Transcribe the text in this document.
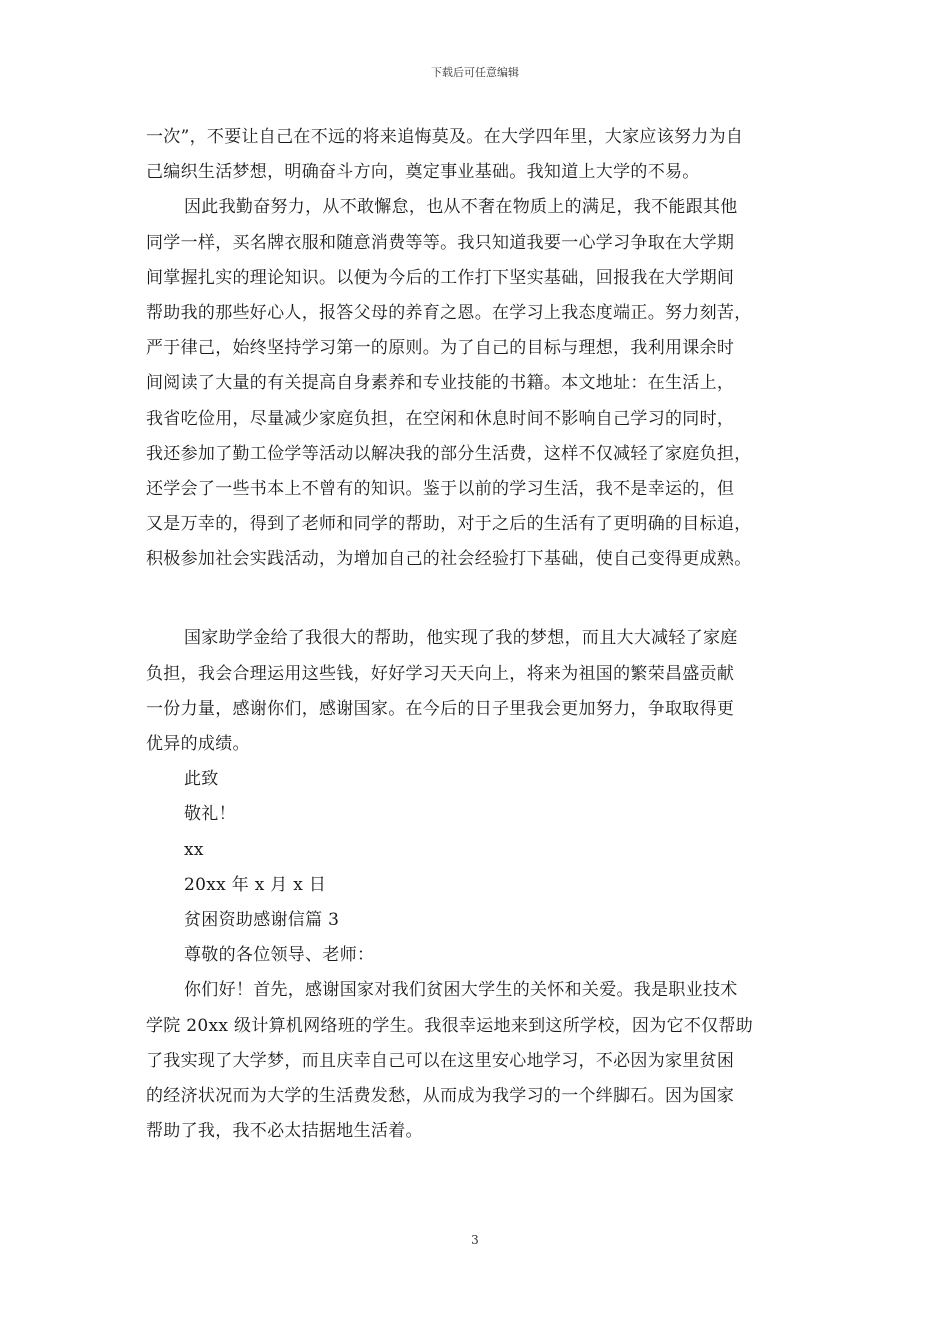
下载后可任意编辑
一次”，不要让自己在不远的将来追悔莫及。在大学四年里，大家应该努力为自
己编织生活梦想，明确奋斗方向，奠定事业基础。我知道上大学的不易。
因此我勤奋努力，从不敢懈怠，也从不奢在物质上的满足，我不能跟其他
同学一样，买名牌衣服和随意消费等等。我只知道我要一心学习争取在大学期
间掌握扎实的理论知识。以便为今后的工作打下坚实基础，回报我在大学期间
帮助我的那些好心人，报答父母的养育之恩。在学习上我态度端正。努力刻苦，
严于律己，始终坚持学习第一的原则。为了自己的目标与理想，我利用课余时
间阅读了大量的有关提高自身素养和专业技能的书籍。本文地址：在生活上，
我省吃俭用，尽量减少家庭负担，在空闲和休息时间不影响自己学习的同时，
我还参加了勤工俭学等活动以解决我的部分生活费，这样不仅减轻了家庭负担，
还学会了一些书本上不曾有的知识。鉴于以前的学习生活，我不是幸运的，但
又是万幸的，得到了老师和同学的帮助，对于之后的生活有了更明确的目标追，
积极参加社会实践活动，为增加自己的社会经验打下基础，使自己变得更成熟。
国家助学金给了我很大的帮助，他实现了我的梦想，而且大大减轻了家庭
负担，我会合理运用这些钱，好好学习天天向上，将来为祖国的繁荣昌盛贡献
一份力量，感谢你们，感谢国家。在今后的日子里我会更加努力，争取取得更
优异的成绩。
此致
敬礼！
xx
20xx 年 x 月 x 日
贫困资助感谢信篇 3
尊敬的各位领导、老师：
你们好！首先，感谢国家对我们贫困大学生的关怀和关爱。我是职业技术
学院 20xx 级计算机网络班的学生。我很幸运地来到这所学校，因为它不仅帮助
了我实现了大学梦，而且庆幸自己可以在这里安心地学习，不必因为家里贫困
的经济状况而为大学的生活费发愁，从而成为我学习的一个绊脚石。因为国家
帮助了我，我不必太拮据地生活着。
3
